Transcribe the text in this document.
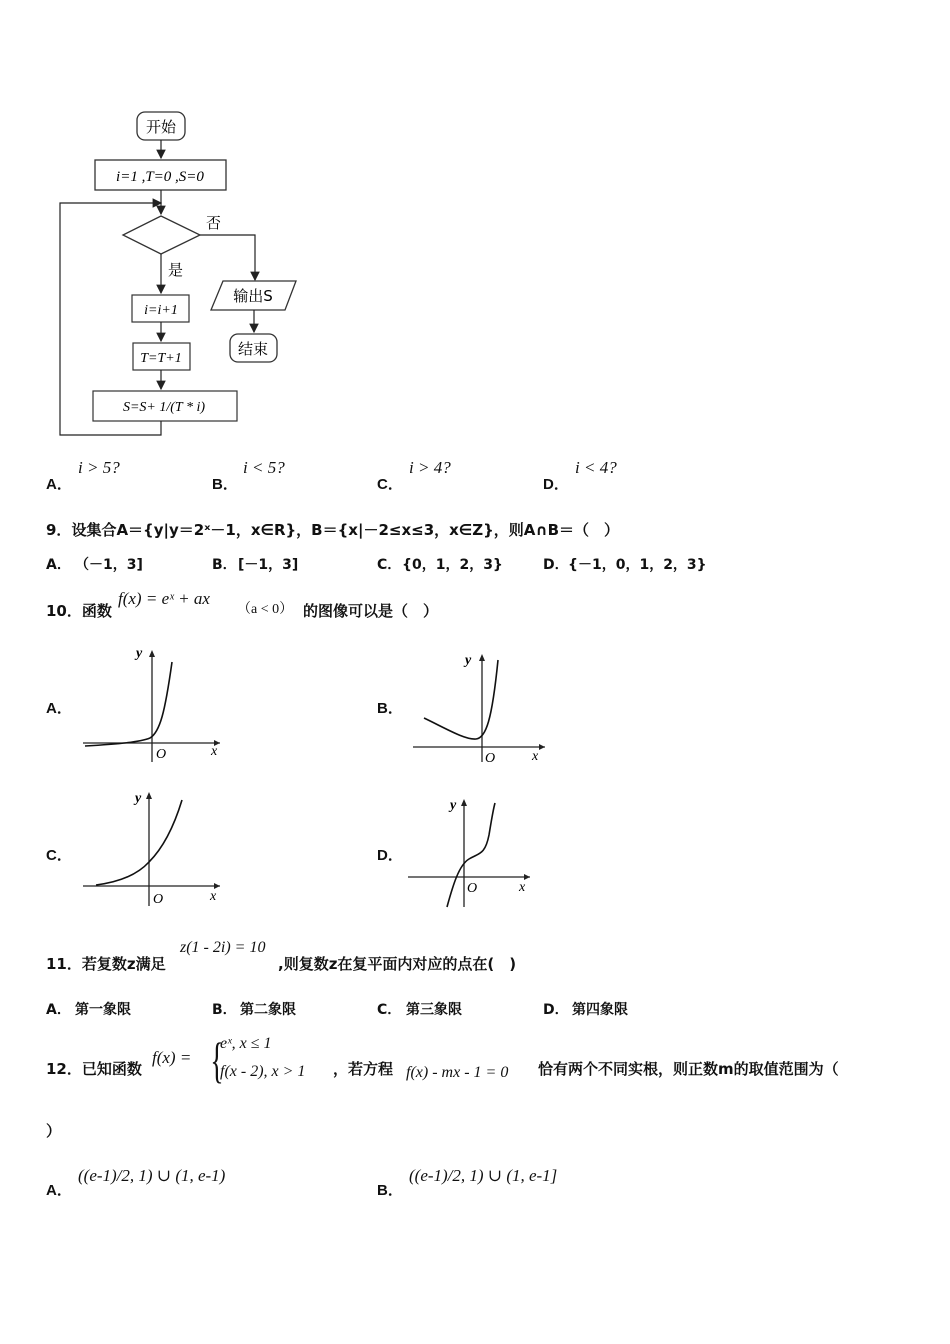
开始
i=1 ,T=0 ,S=0
否
输出S
结束
是
i=i+1
T=T+1
S=S+ 1/(T * i)
A．
i > 5?
B．
i < 5?
C．
i > 4?
D．
i < 4?
9．设集合A＝{y|y＝2ˣ－1，x∈R}，B＝{x|－2≤x≤3，x∈Z}，则A∩B＝（　）
A． （－1，3]	B． [－1，3]	C． {0，1，2，3}	D． {－1，0，1，2，3}
10．函数
f(x) = eˣ + ax
（a < 0） 的图像可以是（　）
A．	B．
C．	D．
y
x
O
y
x
O
y
x
O
y
x
O
11．若复数z满足
z(1 - 2i) = 10
,则复数z在复平面内对应的点在(　)
A． 第一象限	B． 第二象限	C． 第三象限	D． 第四象限
12．已知函数
f(x) = {
eˣ, x ≤ 1
f(x - 2), x > 1 ，若方程 f(x) - mx - 1 = 0 恰有两个不同实根，则正数m的取值范围为（
）
A．
((e-1)/2, 1) ∪ (1, e-1)
B．
((e-1)/2, 1) ∪ (1, e-1]
